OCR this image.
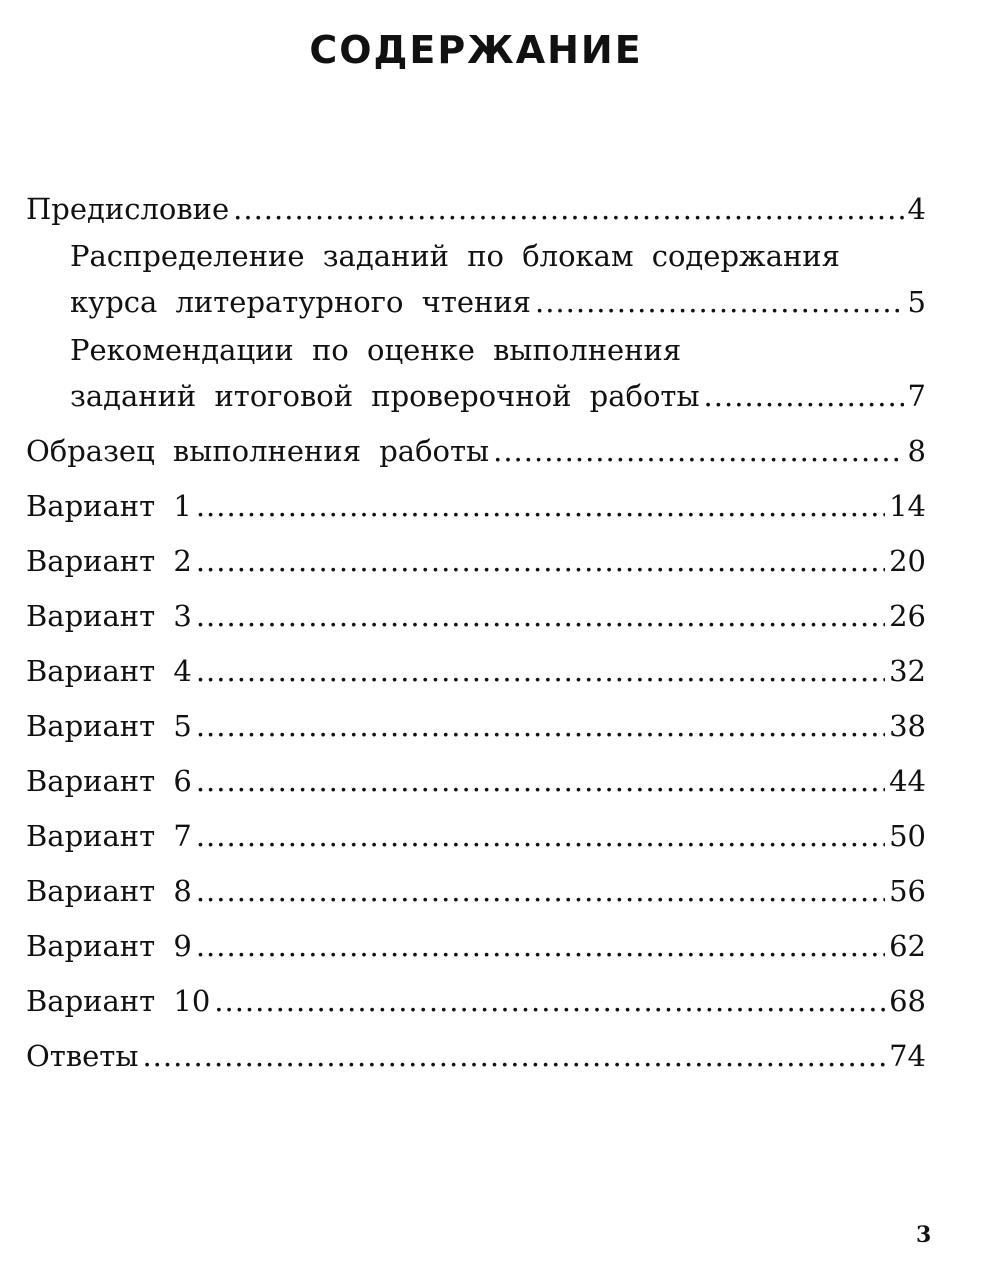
СОДЕРЖАНИЕ
Предисловие .....	4
Распределение заданий по блокам содержания
курса литературного чтения .....	5
Рекомендации по оценке выполнения
заданий итоговой проверочной работы .....	7
Образец выполнения работы .....	8
Вариант 1 .....	14
Вариант 2 .....	20
Вариант 3 .....	26
Вариант 4 .....	32
Вариант 5 .....	38
Вариант 6 .....	44
Вариант 7 .....	50
Вариант 8 .....	56
Вариант 9 .....	62
Вариант 10 .....	68
Ответы .....	74
3
